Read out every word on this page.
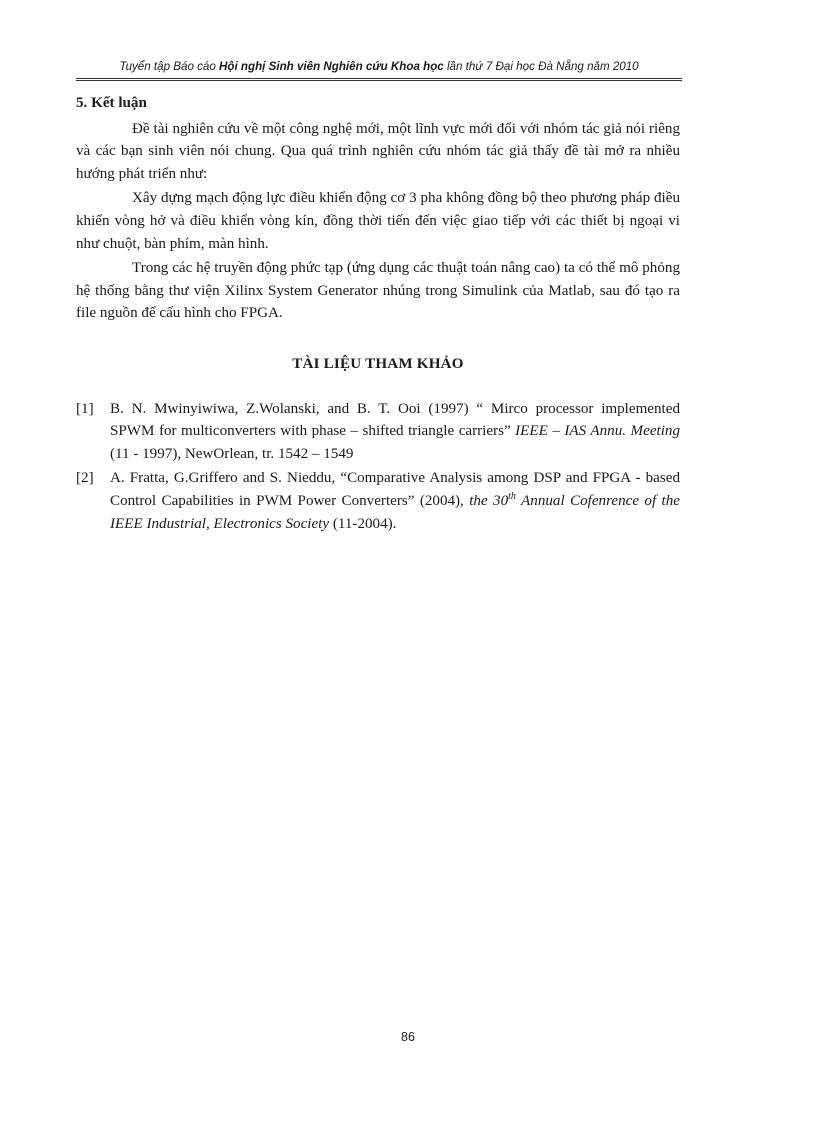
Tuyển tập Báo cáo Hội nghị Sinh viên Nghiên cứu Khoa học lần thứ 7 Đại học Đà Nẵng năm 2010
5. Kết luận

Đề tài nghiên cứu về một công nghệ mới, một lĩnh vực mới đối với nhóm tác giả nói riêng và các bạn sinh viên nói chung. Qua quá trình nghiên cứu nhóm tác giả thấy đề tài mở ra nhiều hướng phát triển như:

Xây dựng mạch động lực điều khiển động cơ 3 pha không đồng bộ theo phương pháp điều khiển vòng hở và điều khiển vòng kín, đồng thời tiến đến việc giao tiếp với các thiết bị ngoại vi như chuột, bàn phím, màn hình.

Trong các hệ truyền động phức tạp (ứng dụng các thuật toán nâng cao) ta có thể mô phỏng hệ thống bằng thư viện Xilinx System Generator nhúng trong Simulink của Matlab, sau đó tạo ra file nguồn để cấu hình cho FPGA.

TÀI LIỆU THAM KHẢO
[1] B. N. Mwinyiwiwa, Z.Wolanski, and B. T. Ooi (1997) “ Mirco processor implemented SPWM for multiconverters with phase – shifted triangle carriers” IEEE – IAS Annu. Meeting (11 - 1997), NewOrlean, tr. 1542 – 1549
[2] A. Fratta, G.Griffero and S. Nieddu, “Comparative Analysis among DSP and FPGA - based Control Capabilities in PWM Power Converters” (2004), the 30th Annual Cofenrence of the IEEE Industrial, Electronics Society (11-2004).
86
